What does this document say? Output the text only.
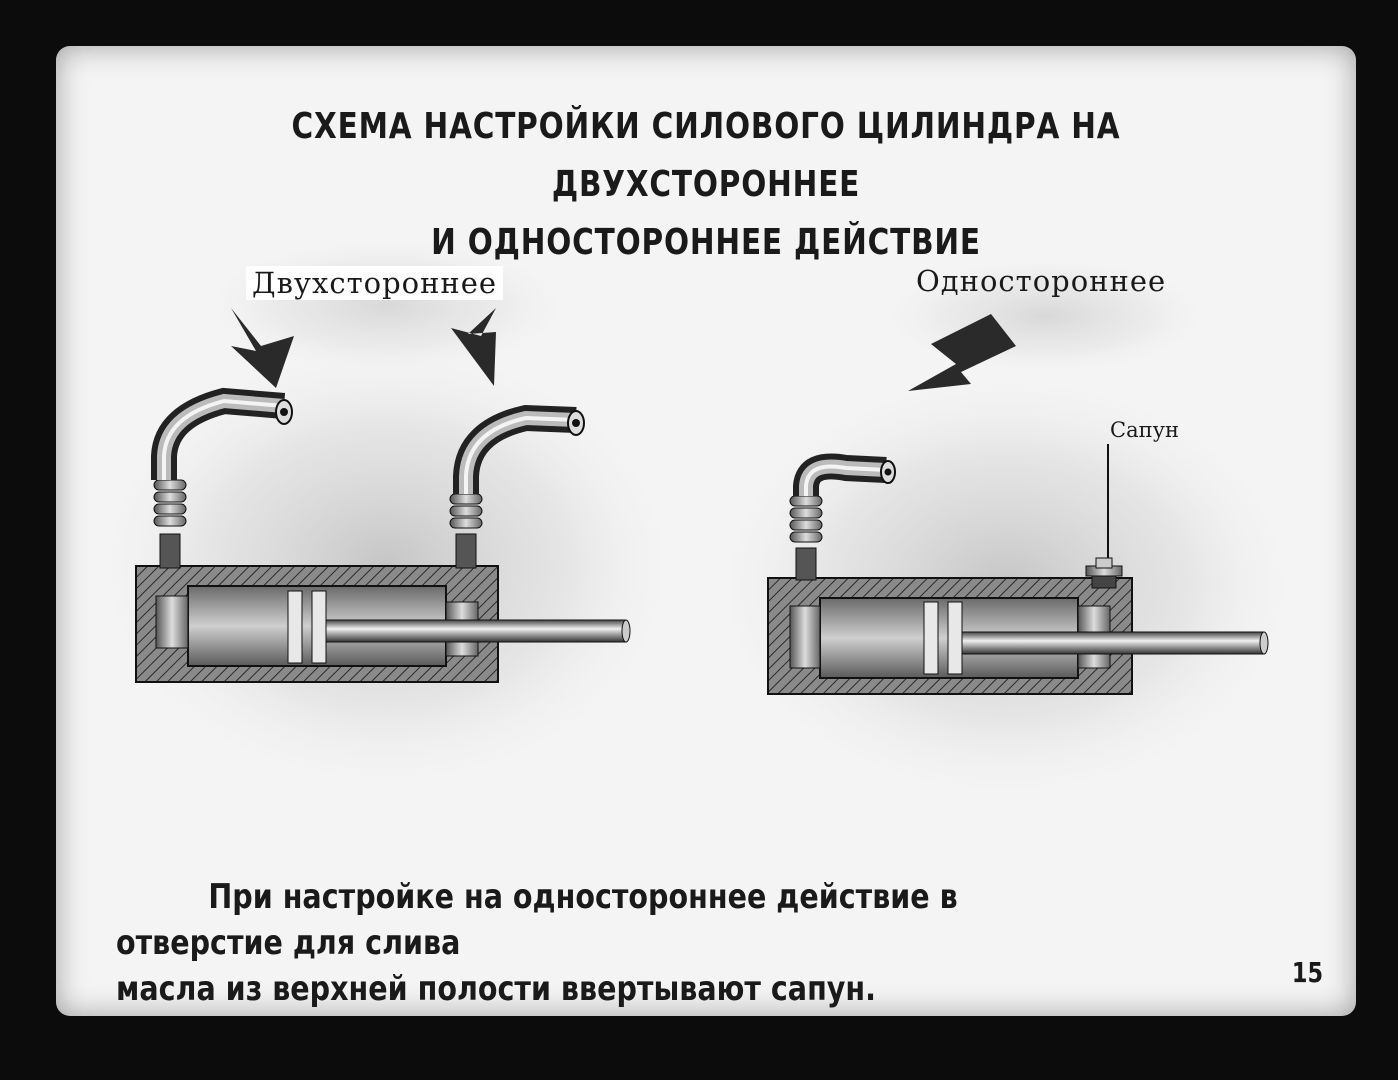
СХЕМА НАСТРОЙКИ СИЛОВОГО ЦИЛИНДРА НА ДВУХСТОРОННЕЕ
И ОДНОСТОРОННЕЕ ДЕЙСТВИЕ
Двухстороннее	Одностороннее
Сапун
При настройке на одностороннее действие в отверстие для слива
масла из верхней полости ввертывают сапун.	15
